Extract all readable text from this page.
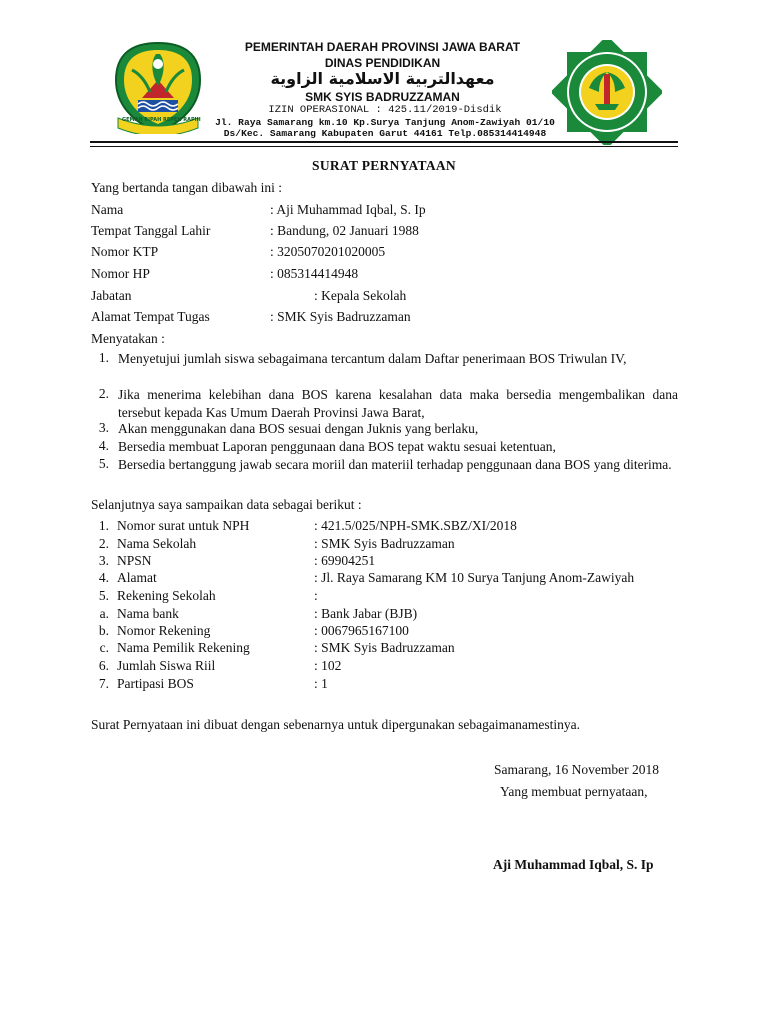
GEMAH RIPAH REPEH RAPIH
PEMERINTAH DAERAH PROVINSI JAWA BARAT
DINAS PENDIDIKAN
معهدالتربية الاسلامية الزاوية
SMK SYIS BADRUZZAMAN
IZIN OPERASIONAL : 425.11/2019-Disdik
Jl. Raya Samarang km.10 Kp.Surya Tanjung Anom-Zawiyah 01/10
Ds/Kec. Samarang Kabupaten Garut 44161 Telp.085314414948
SURAT PERNYATAAN
Yang bertanda tangan dibawah ini :
Nama	: Aji Muhammad Iqbal, S. Ip
Tempat Tanggal Lahir	: Bandung, 02 Januari 1988
Nomor KTP	: 3205070201020005
Nomor HP	: 085314414948
Jabatan	: Kepala Sekolah
Alamat Tempat Tugas	: SMK Syis Badruzzaman
Menyatakan :
1. Menyetujui jumlah siswa sebagaimana tercantum dalam Daftar penerimaan BOS Triwulan IV,
2. Jika menerima kelebihan dana BOS karena kesalahan data maka bersedia mengembalikan dana tersebut kepada Kas Umum Daerah Provinsi Jawa Barat,
3. Akan menggunakan dana BOS sesuai dengan Juknis yang berlaku,
4. Bersedia membuat Laporan penggunaan dana BOS tepat waktu sesuai ketentuan,
5. Bersedia bertanggung jawab secara moriil dan materiil terhadap penggunaan dana BOS yang diterima.
Selanjutnya saya sampaikan data sebagai berikut :
1. Nomor surat untuk NPH	: 421.5/025/NPH-SMK.SBZ/XI/2018
2. Nama Sekolah	: SMK Syis Badruzzaman
3. NPSN	: 69904251
4. Alamat	: Jl. Raya Samarang KM 10 Surya Tanjung Anom-Zawiyah
5. Rekening Sekolah	:
a. Nama bank	: Bank Jabar (BJB)
b. Nomor Rekening	: 0067965167100
c. Nama Pemilik Rekening	: SMK Syis Badruzzaman
6. Jumlah Siswa Riil	: 102
7. Partipasi BOS	: 1
Surat Pernyataan ini dibuat dengan sebenarnya untuk dipergunakan sebagaimanamestinya.
Samarang, 16 November 2018
Yang membuat pernyataan,
Aji Muhammad Iqbal, S. Ip
